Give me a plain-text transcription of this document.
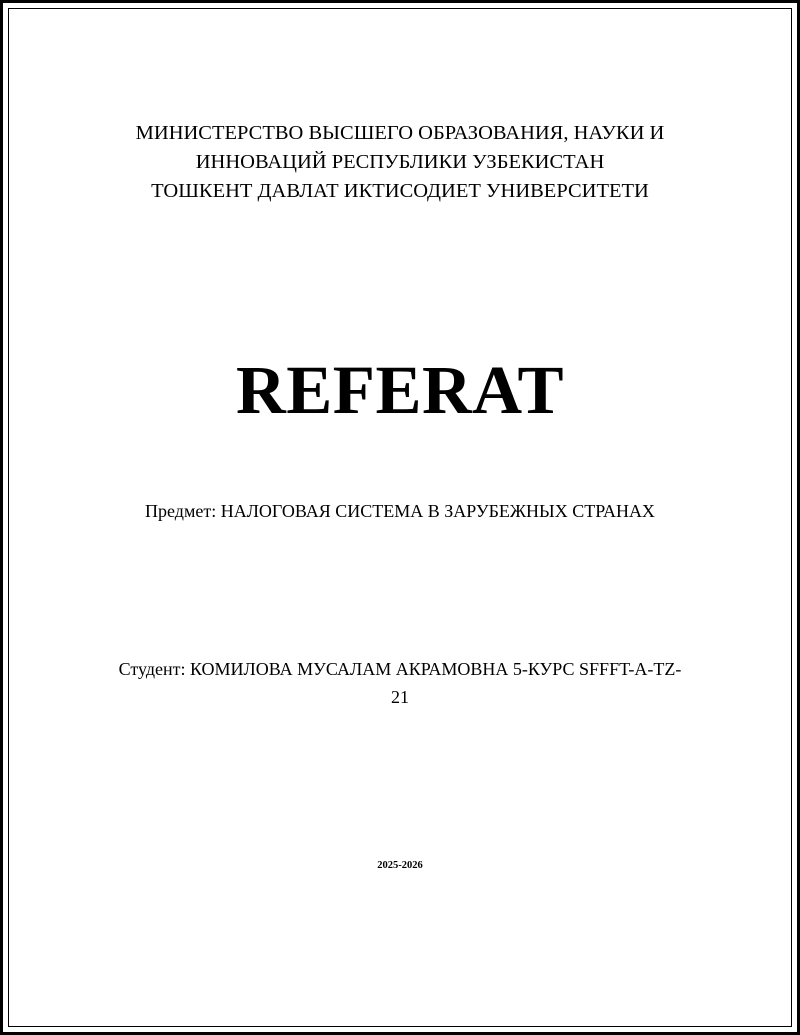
МИНИСТЕРСТВО ВЫСШЕГО ОБРАЗОВАНИЯ, НАУКИ И
ИННОВАЦИЙ РЕСПУБЛИКИ УЗБЕКИСТАН
ТОШКЕНТ ДАВЛАТ ИКТИСОДИЕТ УНИВЕРСИТЕТИ
REFERAT
Предмет: НАЛОГОВАЯ СИСТЕМА В ЗАРУБЕЖНЫХ СТРАНАХ
Студент: КОМИЛОВА МУСАЛАМ АКРАМОВНА 5-КУРС SFFFT-A-TZ-21
2025-2026
